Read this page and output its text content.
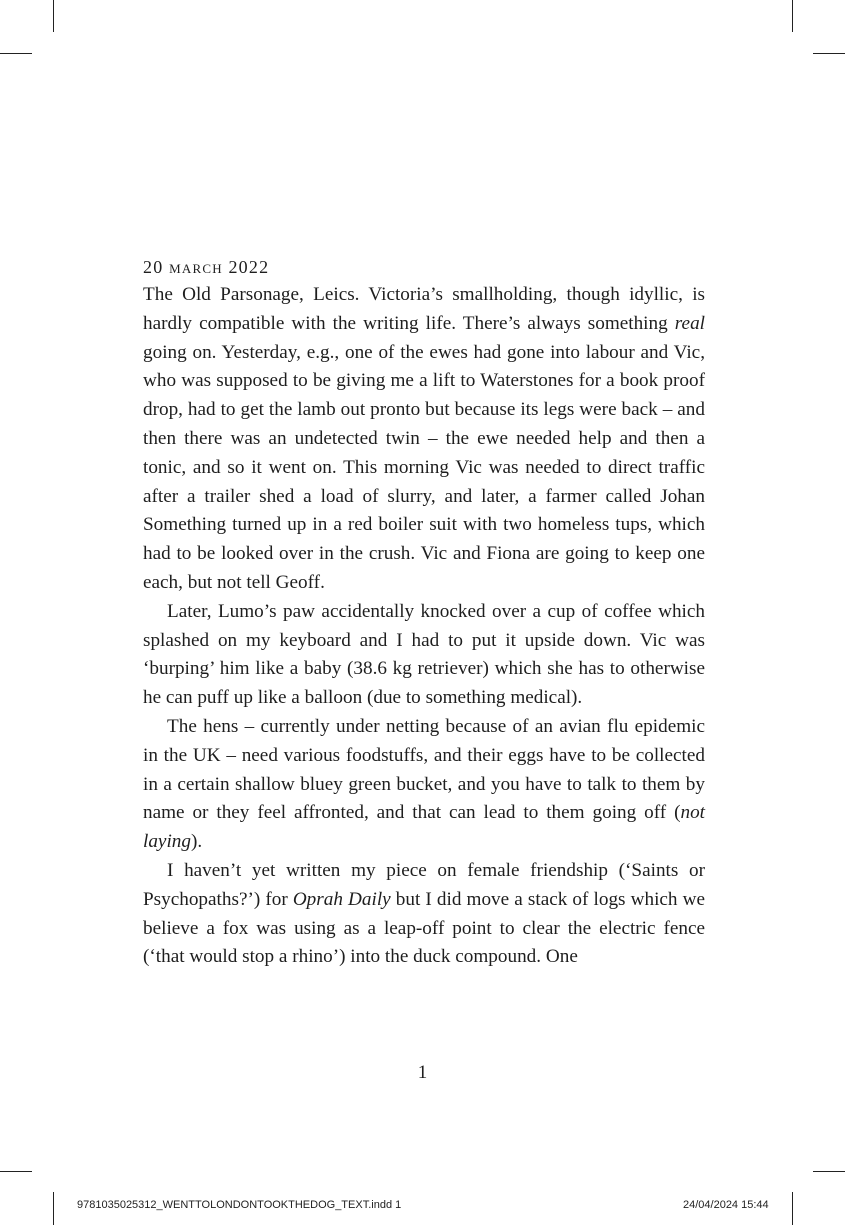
20 march 2022

The Old Parsonage, Leics. Victoria’s smallholding, though idyllic, is hardly compatible with the writing life. There’s always something real going on. Yesterday, e.g., one of the ewes had gone into labour and Vic, who was supposed to be giving me a lift to Waterstones for a book proof drop, had to get the lamb out pronto but because its legs were back – and then there was an undetected twin – the ewe needed help and then a tonic, and so it went on. This morning Vic was needed to direct traffic after a trailer shed a load of slurry, and later, a farmer called Johan Something turned up in a red boiler suit with two homeless tups, which had to be looked over in the crush. Vic and Fiona are going to keep one each, but not tell Geoff.

Later, Lumo’s paw accidentally knocked over a cup of coffee which splashed on my keyboard and I had to put it upside down. Vic was ‘burping’ him like a baby (38.6 kg retriever) which she has to otherwise he can puff up like a balloon (due to something medical).

The hens – currently under netting because of an avian flu epidemic in the UK – need various foodstuffs, and their eggs have to be collected in a certain shallow bluey green bucket, and you have to talk to them by name or they feel affronted, and that can lead to them going off (not laying).

I haven’t yet written my piece on female friendship (‘Saints or Psychopaths?’) for Oprah Daily but I did move a stack of logs which we believe a fox was using as a leap-off point to clear the electric fence (‘that would stop a rhino’) into the duck compound. One

1
9781035025312_WENTTOLONDONTOOKTHEDOG_TEXT.indd 1	24/04/2024 15:44
